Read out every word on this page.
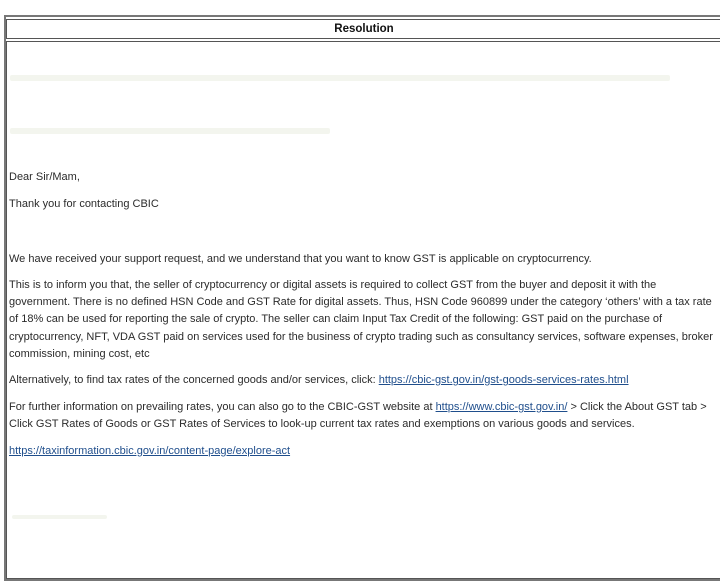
Resolution
Dear Sir/Mam,
Thank you for contacting CBIC
We have received your support request, and we understand that you want to know GST is applicable on cryptocurrency.
This is to inform you that, the seller of cryptocurrency or digital assets is required to collect GST from the buyer and deposit it with the government. There is no defined HSN Code and GST Rate for digital assets. Thus, HSN Code 960899 under the category ‘others’ with a tax rate of 18% can be used for reporting the sale of crypto. The seller can claim Input Tax Credit of the following: GST paid on the purchase of cryptocurrency, NFT, VDA GST paid on services used for the business of crypto trading such as consultancy services, software expenses, broker commission, mining cost, etc
Alternatively, to find tax rates of the concerned goods and/or services, click: https://cbic-gst.gov.in/gst-goods-services-rates.html
For further information on prevailing rates, you can also go to the CBIC-GST website at https://www.cbic-gst.gov.in/ > Click the About GST tab > Click GST Rates of Goods or GST Rates of Services to look-up current tax rates and exemptions on various goods and services.
https://taxinformation.cbic.gov.in/content-page/explore-act
